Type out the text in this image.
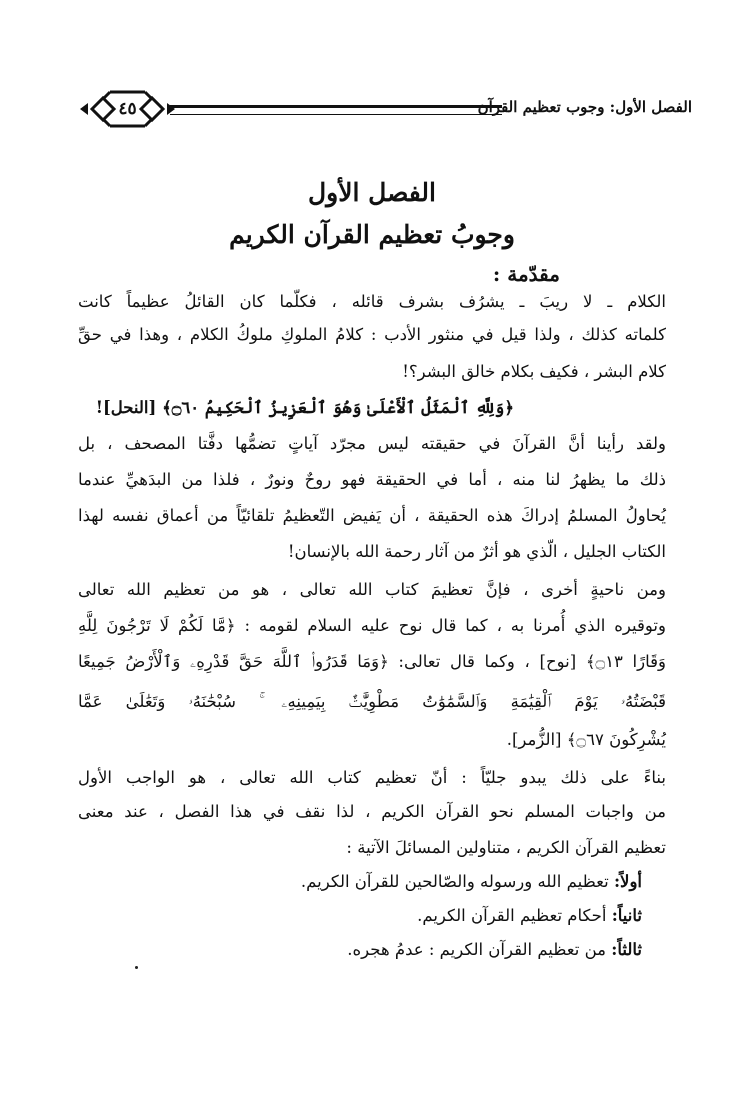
الفصل الأول: وجوب تعظيم القرآن
٤٥
الفصل الأول
وجوبُ تعظيم القرآن الكريم
مقدّمة :
الكلام ـ لا ريبَ ـ يشرُف بشرف قائله ، فكلّما كان القائلُ عظيماً كانت
كلماته كذلك ، ولذا قيل في منثور الأدب : كلامُ الملوكِ ملوكُ الكلام ، وهذا في حقِّ
كلام البشر ، فكيف بكلام خالق البشر؟!
﴿وَلِلَّهِ ٱلْمَثَلُ ٱلْأَعْلَىٰ وَهُوَ ٱلْعَزِيزُ ٱلْحَكِيمُ ۝٦٠﴾ [النحل]!
ولقد رأينا أنَّ القرآنَ في حقيقته ليس مجرّد آياتٍ تضمُّها دفَّتا المصحف ، بل
ذلك ما يظهرُ لنا منه ، أما في الحقيقة فهو روحٌ ونورٌ ، فلذا من البدَهيِّ عندما
يُحاولُ المسلمُ إدراكَ هذه الحقيقة ، أن يَفيض التّعظيمُ تلقائيّاً من أعماق نفسه لهذا
الكتاب الجليل ، الّذي هو أثرٌ من آثار رحمة الله بالإنسان!
ومن ناحيةٍ أخرى ، فإنَّ تعظيمَ كتاب الله تعالى ، هو من تعظيم الله تعالى
وتوقيره الذي أُمرنا به ، كما قال نوح عليه السلام لقومه : ﴿مَّا لَكُمْ لَا تَرْجُونَ لِلَّهِ
وَقَارًا ۝١٣﴾ [نوح] ، وكما قال تعالى: ﴿وَمَا قَدَرُوا۟ ٱللَّهَ حَقَّ قَدْرِهِۦ وَٱلْأَرْضُ جَمِيعًا
قَبْضَتُهُۥ يَوْمَ ٱلْقِيَٰمَةِ وَٱلسَّمَٰوَٰتُ مَطْوِيَّٰتٌۢ بِيَمِينِهِۦ ۚ سُبْحَٰنَهُۥ وَتَعَٰلَىٰ عَمَّا
يُشْرِكُونَ ۝٦٧﴾ [الزُّمر].
بناءً على ذلك يبدو جليّاً : أنّ تعظيم كتاب الله تعالى ، هو الواجب الأول
من واجبات المسلم نحو القرآن الكريم ، لذا نقف في هذا الفصل ، عند معنى
تعظيم القرآن الكريم ، متناولين المسائلَ الآتية :
أولاً: تعظيم الله ورسوله والصّالحين للقرآن الكريم.
ثانياً: أحكام تعظيم القرآن الكريم.
ثالثاً: من تعظيم القرآن الكريم : عدمُ هجره.
